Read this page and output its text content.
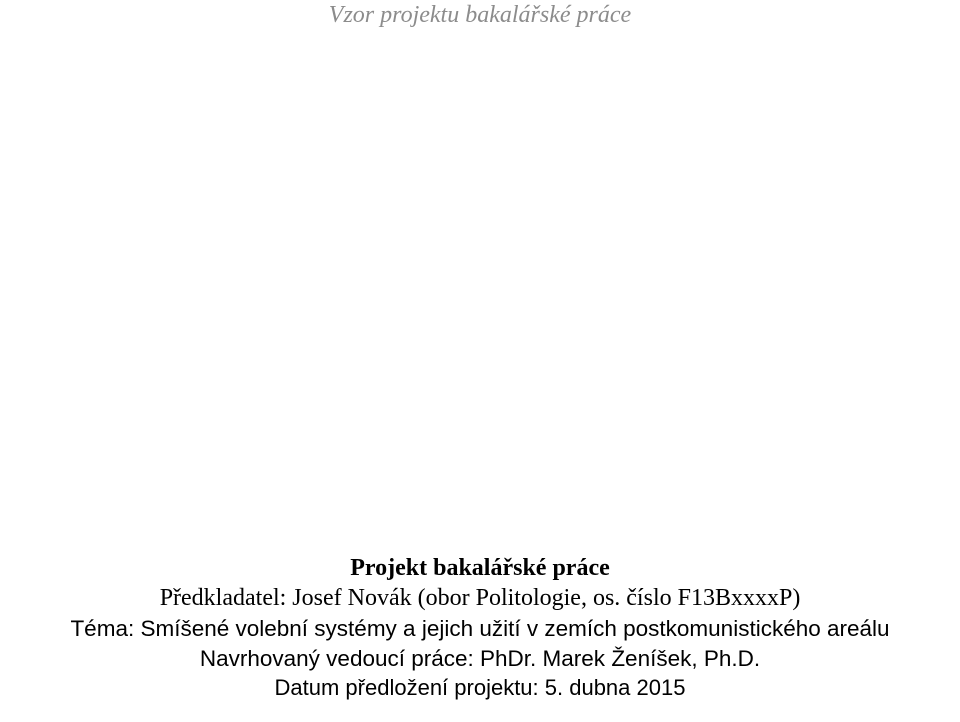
Vzor projektu bakalářské práce
Projekt bakalářské práce
Předkladatel: Josef Novák (obor Politologie, os. číslo F13BxxxxP)
Téma: Smíšené volební systémy a jejich užití v zemích postkomunistického areálu
Navrhovaný vedoucí práce: PhDr. Marek Ženíšek, Ph.D.
Datum předložení projektu: 5. dubna 2015
